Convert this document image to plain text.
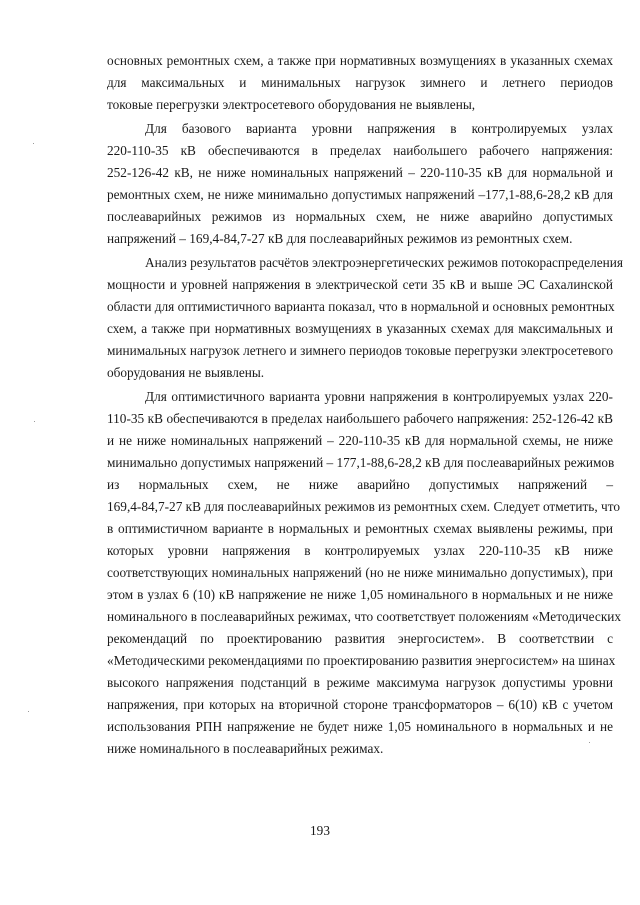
основных ремонтных схем, а также при нормативных возмущениях в указанных схемах
для максимальных и минимальных нагрузок зимнего и летнего периодов
токовые перегрузки электросетевого оборудования не выявлены,

Для базового варианта уровни напряжения в контролируемых узлах
220-110-35 кВ обеспечиваются в пределах наибольшего рабочего напряжения:
252-126-42 кВ, не ниже номинальных напряжений – 220-110-35 кВ для нормальной и
ремонтных схем, не ниже минимально допустимых напряжений –177,1-88,6-28,2 кВ для
послеаварийных режимов из нормальных схем, не ниже аварийно допустимых
напряжений – 169,4-84,7-27 кВ для послеаварийных режимов из ремонтных схем.

Анализ результатов расчётов электроэнергетических режимов потокораспределения
мощности и уровней напряжения в электрической сети 35 кВ и выше ЭС Сахалинской
области для оптимистичного варианта показал, что в нормальной и основных ремонтных
схем, а также при нормативных возмущениях в указанных схемах для максимальных и
минимальных нагрузок летнего и зимнего периодов токовые перегрузки электросетевого
оборудования не выявлены.

Для оптимистичного варианта уровни напряжения в контролируемых узлах 220-
110-35 кВ обеспечиваются в пределах наибольшего рабочего напряжения: 252-126-42 кВ
и не ниже номинальных напряжений – 220-110-35 кВ для нормальной схемы, не ниже
минимально допустимых напряжений – 177,1-88,6-28,2 кВ для послеаварийных режимов
из нормальных схем, не ниже аварийно допустимых напряжений –
169,4-84,7-27 кВ для послеаварийных режимов из ремонтных схем. Следует отметить, что
в оптимистичном варианте в нормальных и ремонтных схемах выявлены режимы, при
которых уровни напряжения в контролируемых узлах 220-110-35 кВ ниже
соответствующих номинальных напряжений (но не ниже минимально допустимых), при
этом в узлах 6 (10) кВ напряжение не ниже 1,05 номинального в нормальных и не ниже
номинального в послеаварийных режимах, что соответствует положениям «Методических
рекомендаций по проектированию развития энергосистем». В соответствии с
«Методическими рекомендациями по проектированию развития энергосистем» на шинах
высокого напряжения подстанций в режиме максимума нагрузок допустимы уровни
напряжения, при которых на вторичной стороне трансформаторов – 6(10) кВ с учетом
использования РПН напряжение не будет ниже 1,05 номинального в нормальных и не
ниже номинального в послеаварийных режимах.

193
